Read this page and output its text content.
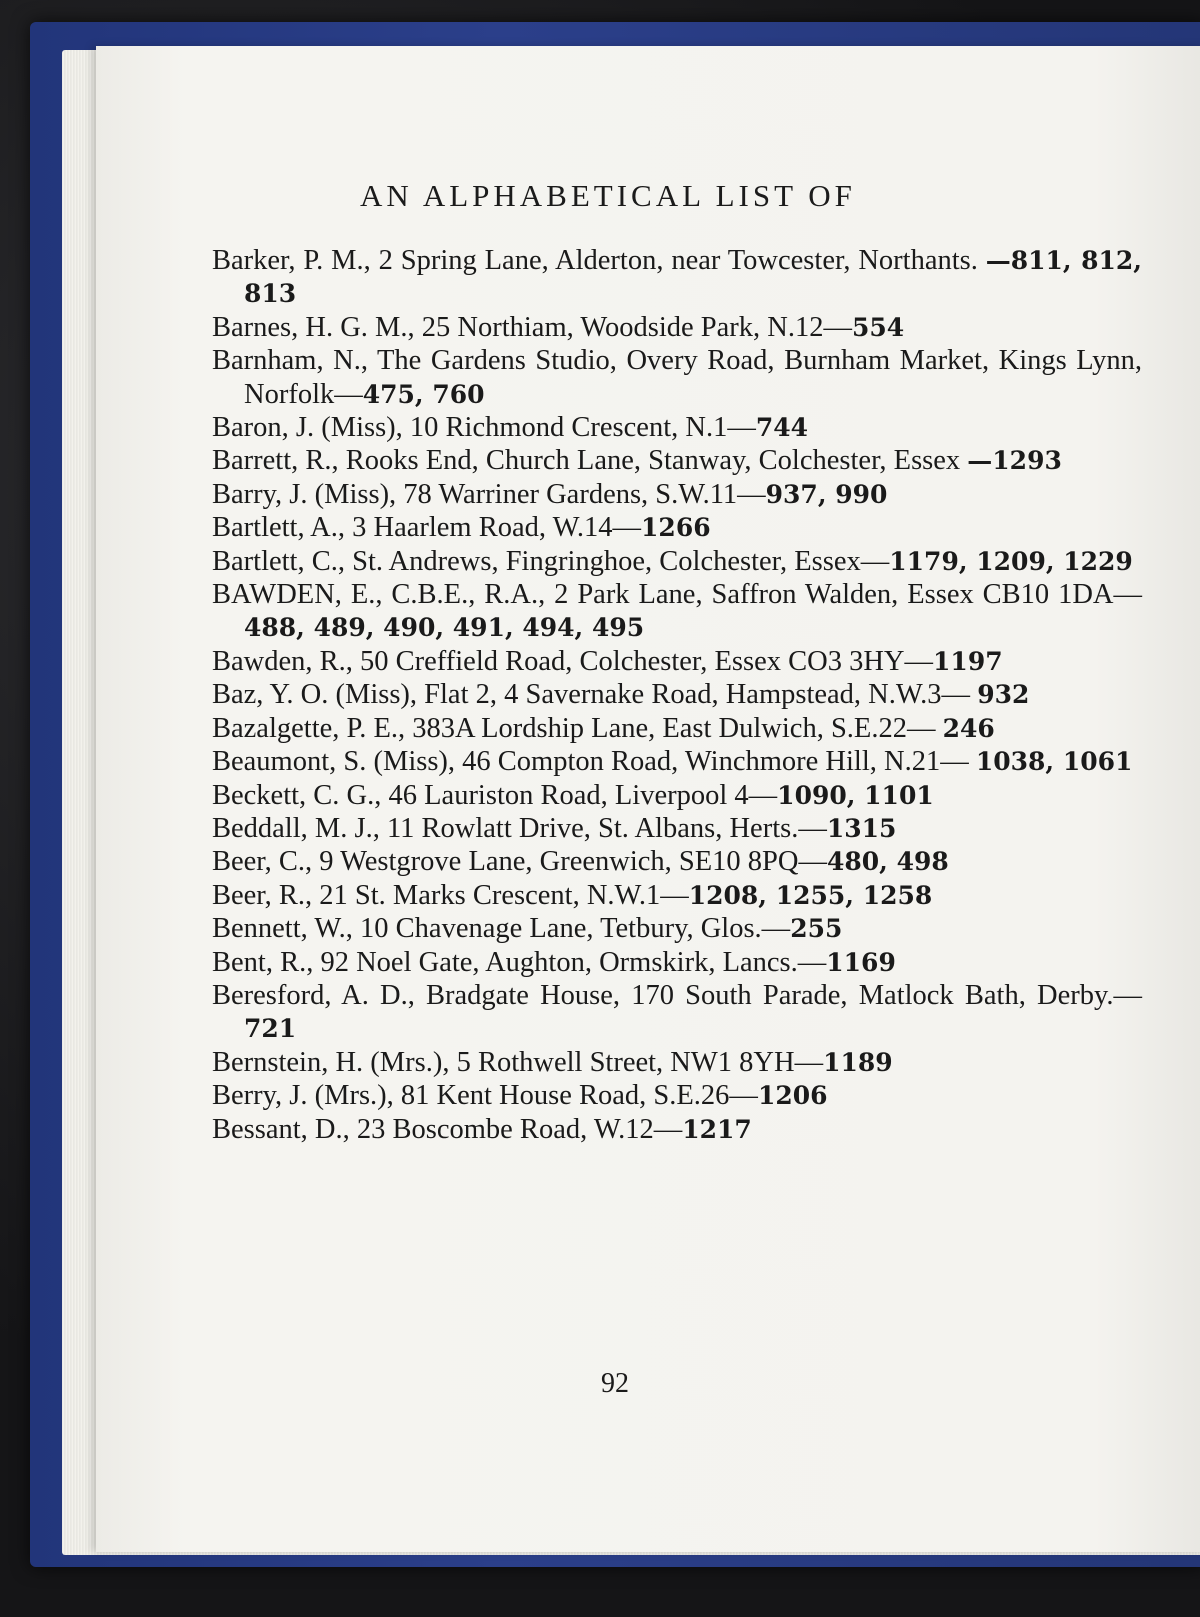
AN ALPHABETICAL LIST OF

Barker, P. M., 2 Spring Lane, Alderton, near Towcester, Northants. —811, 812, 813

Barnes, H. G. M., 25 Northiam, Woodside Park, N.12—554

Barnham, N., The Gardens Studio, Overy Road, Burnham Market, Kings Lynn, Norfolk—475, 760

Baron, J. (Miss), 10 Richmond Crescent, N.1—744

Barrett, R., Rooks End, Church Lane, Stanway, Colchester, Essex —1293

Barry, J. (Miss), 78 Warriner Gardens, S.W.11—937, 990

Bartlett, A., 3 Haarlem Road, W.14—1266

Bartlett, C., St. Andrews, Fingringhoe, Colchester, Essex—1179, 1209, 1229

BAWDEN, E., C.B.E., R.A., 2 Park Lane, Saffron Walden, Essex CB10 1DA—488, 489, 490, 491, 494, 495

Bawden, R., 50 Creffield Road, Colchester, Essex CO3 3HY—1197

Baz, Y. O. (Miss), Flat 2, 4 Savernake Road, Hampstead, N.W.3— 932

Bazalgette, P. E., 383A Lordship Lane, East Dulwich, S.E.22— 246

Beaumont, S. (Miss), 46 Compton Road, Winchmore Hill, N.21— 1038, 1061

Beckett, C. G., 46 Lauriston Road, Liverpool 4—1090, 1101

Beddall, M. J., 11 Rowlatt Drive, St. Albans, Herts.—1315

Beer, C., 9 Westgrove Lane, Greenwich, SE10 8PQ—480, 498

Beer, R., 21 St. Marks Crescent, N.W.1—1208, 1255, 1258

Bennett, W., 10 Chavenage Lane, Tetbury, Glos.—255

Bent, R., 92 Noel Gate, Aughton, Ormskirk, Lancs.—1169

Beresford, A. D., Bradgate House, 170 South Parade, Matlock Bath, Derby.—721

Bernstein, H. (Mrs.), 5 Rothwell Street, NW1 8YH—1189

Berry, J. (Mrs.), 81 Kent House Road, S.E.26—1206

Bessant, D., 23 Boscombe Road, W.12—1217

92
